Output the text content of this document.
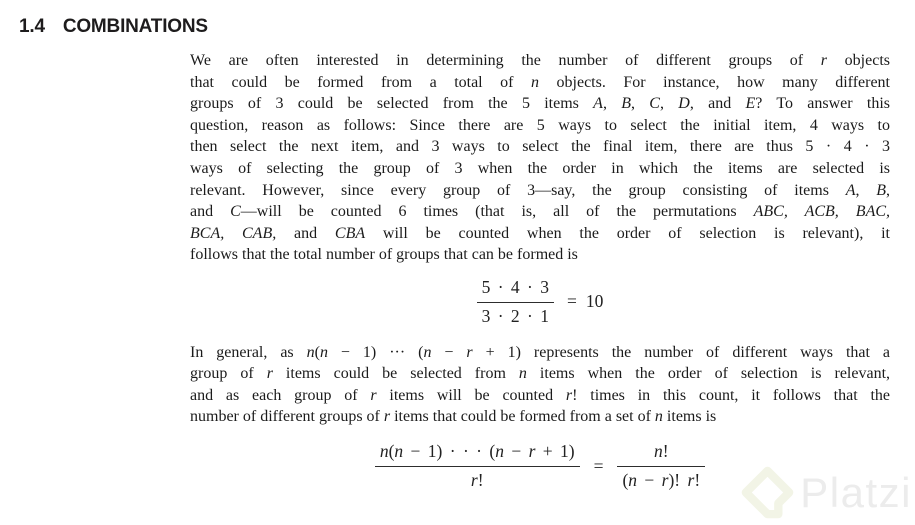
1.4 COMBINATIONS
We are often interested in determining the number of different groups of r objects
that could be formed from a total of n objects. For instance, how many different
groups of 3 could be selected from the 5 items A, B, C, D, and E? To answer this
question, reason as follows: Since there are 5 ways to select the initial item, 4 ways to
then select the next item, and 3 ways to select the final item, there are thus 5 · 4 · 3
ways of selecting the group of 3 when the order in which the items are selected is
relevant. However, since every group of 3—say, the group consisting of items A, B,
and C—will be counted 6 times (that is, all of the permutations ABC, ACB, BAC,
BCA, CAB, and CBA will be counted when the order of selection is relevant), it
follows that the total number of groups that can be formed is
$\frac{5 \cdot 4 \cdot 3}{3 \cdot 2 \cdot 1} = 10$
In general, as n(n − 1) ··· (n − r + 1) represents the number of different ways that a
group of r items could be selected from n items when the order of selection is relevant,
and as each group of r items will be counted r! times in this count, it follows that the
number of different groups of r items that could be formed from a set of n items is
$\frac{n(n - 1) \cdot \cdot \cdot (n - r + 1)}{r!} = \frac{n!}{(n - r)! r!}$
Platzi
